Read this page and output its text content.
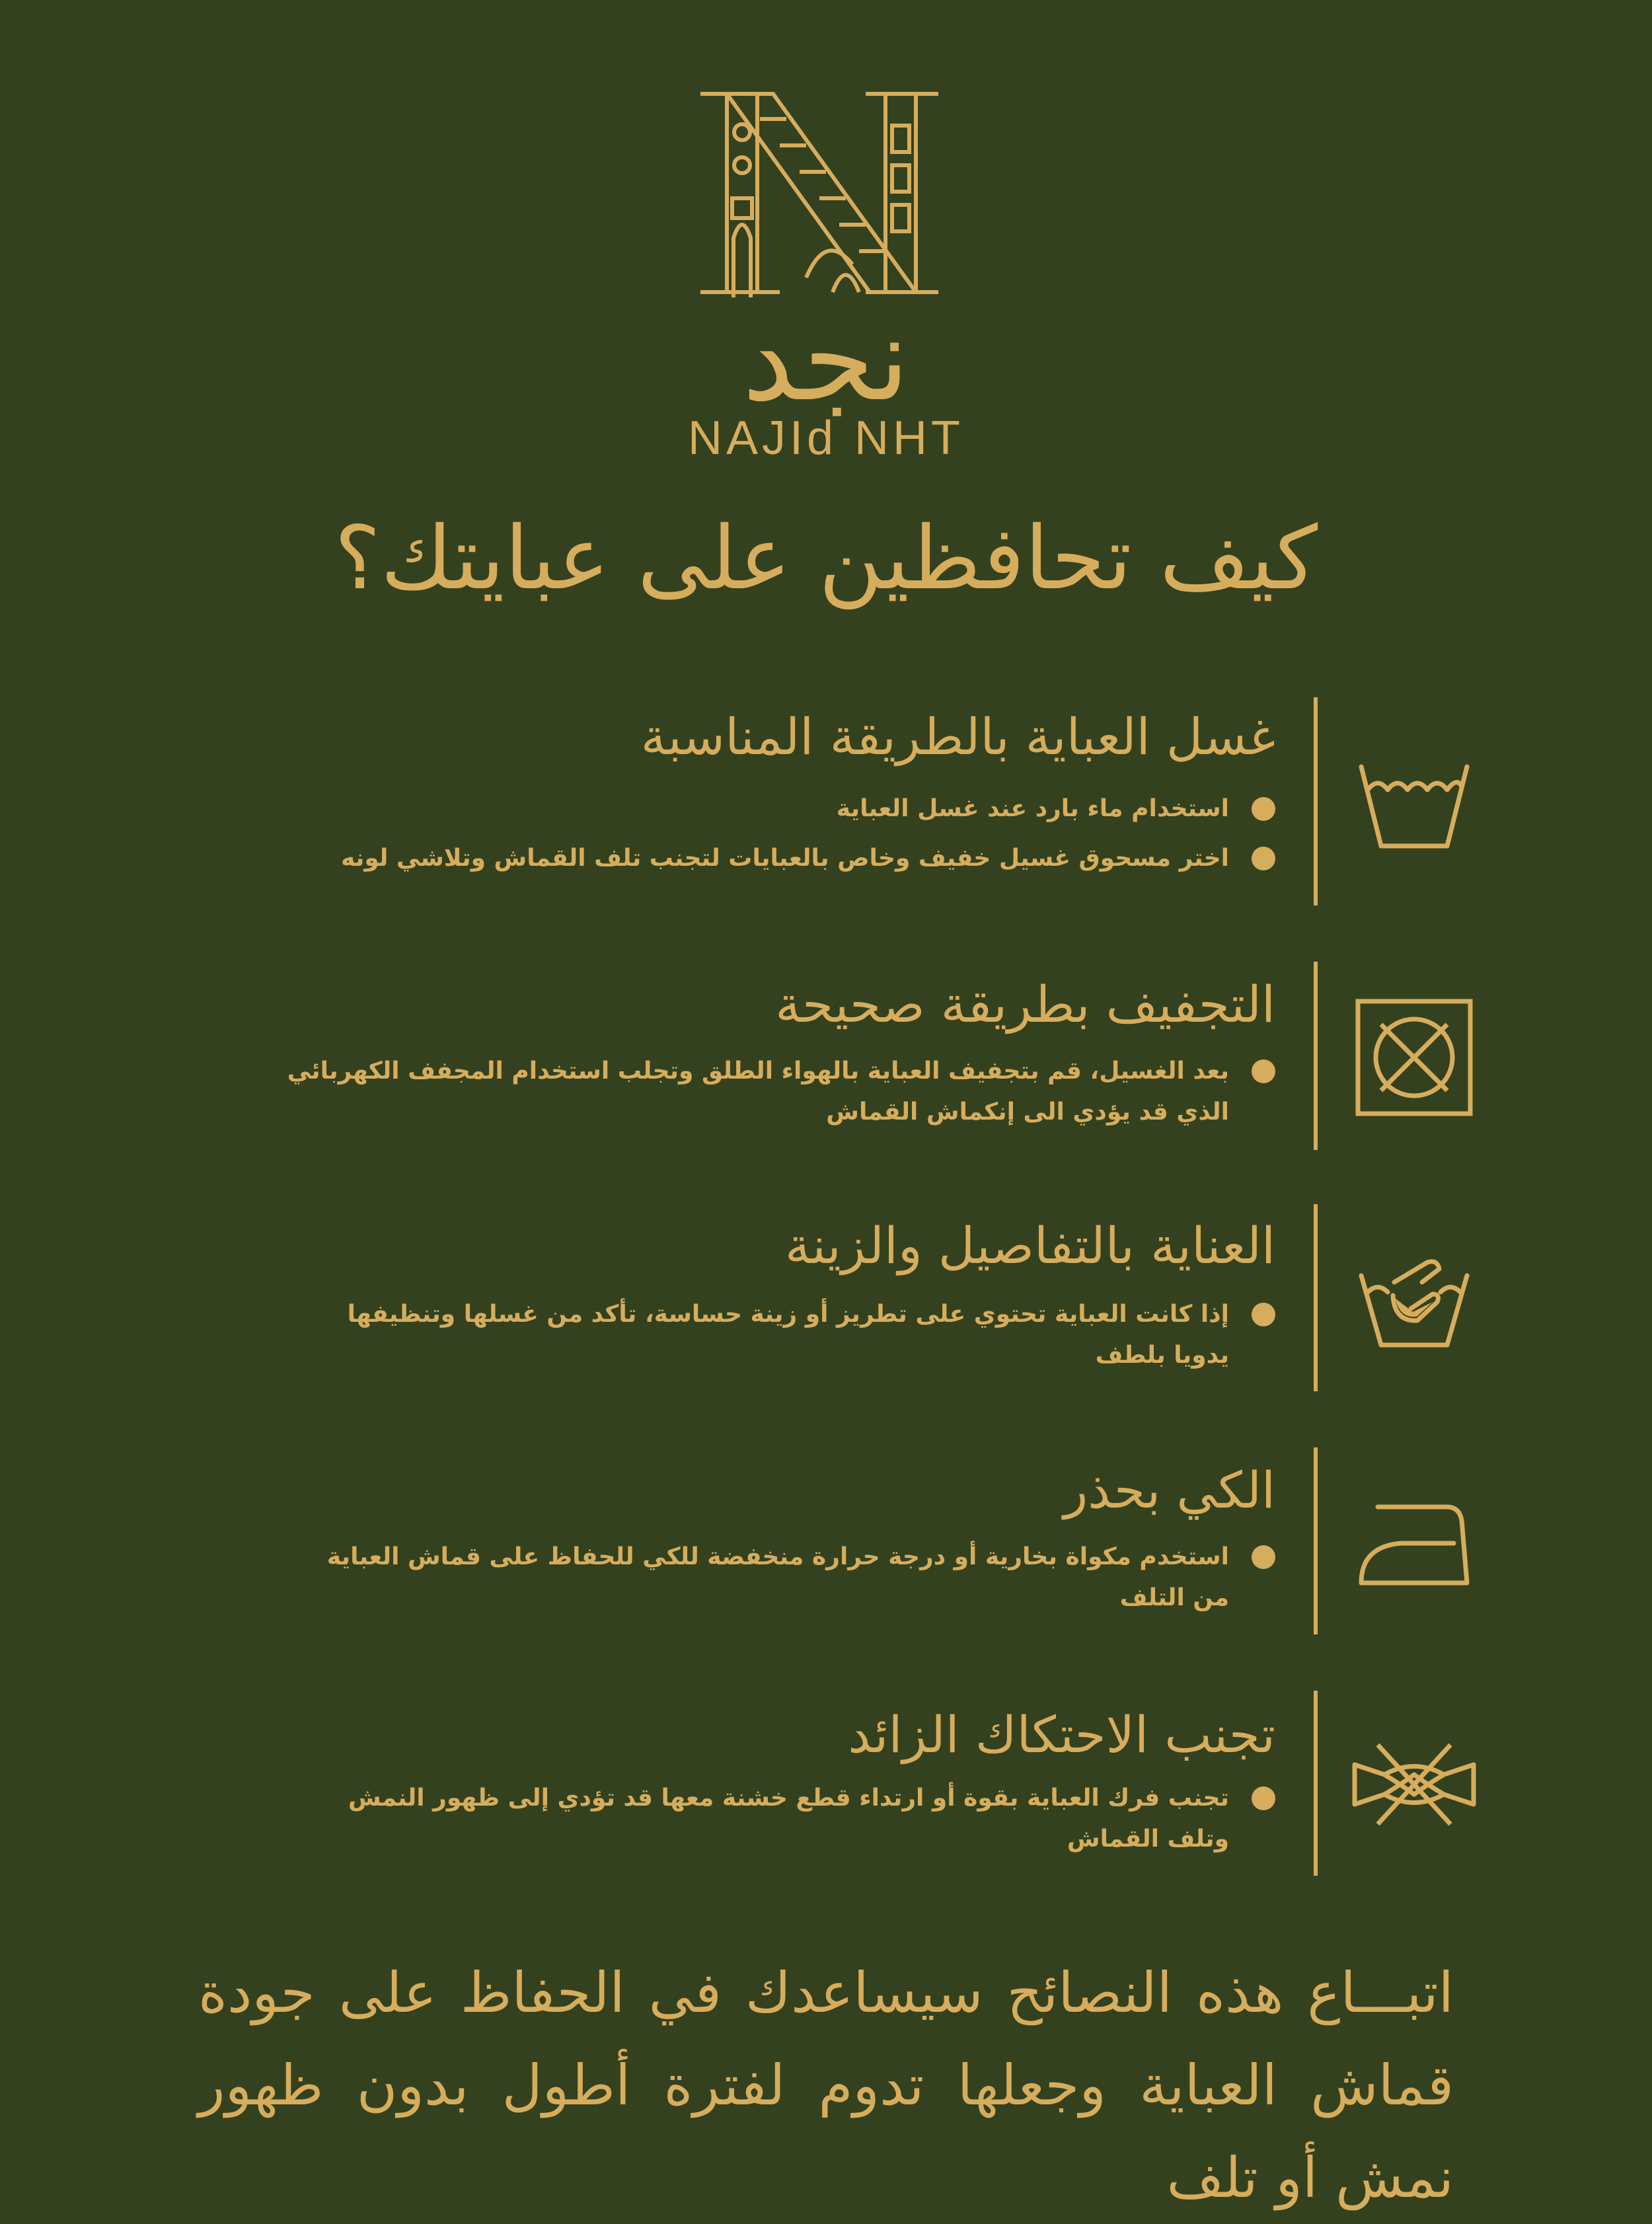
نجد
NAJId NHT
كيف تحافظين على عبايتك؟
غسل العباية بالطريقة المناسبة
استخدام ماء بارد عند غسل العباية
اختر مسحوق غسيل خفيف وخاص بالعبايات لتجنب تلف القماش وتلاشي لونه
التجفيف بطريقة صحيحة
بعد الغسيل، قم بتجفيف العباية بالهواء الطلق وتجلب استخدام المجفف الكهربائي الذي قد يؤدي الى إنكماش القماش
العناية بالتفاصيل والزينة
إذا كانت العباية تحتوي على تطريز أو زينة حساسة، تأكد من غسلها وتنظيفها يدويا بلطف
الكي بحذر
استخدم مكواة بخارية أو درجة حرارة منخفضة للكي للحفاظ على قماش العباية من التلف
تجنب الاحتكاك الزائد
تجنب فرك العباية بقوة أو ارتداء قطع خشنة معها قد تؤدي إلى ظهور النمش وتلف القماش
اتبـــاع هذه النصائح سيساعدك في الحفاظ على جودة قماش العباية وجعلها تدوم لفترة أطول بدون ظهور نمش أو تلف
